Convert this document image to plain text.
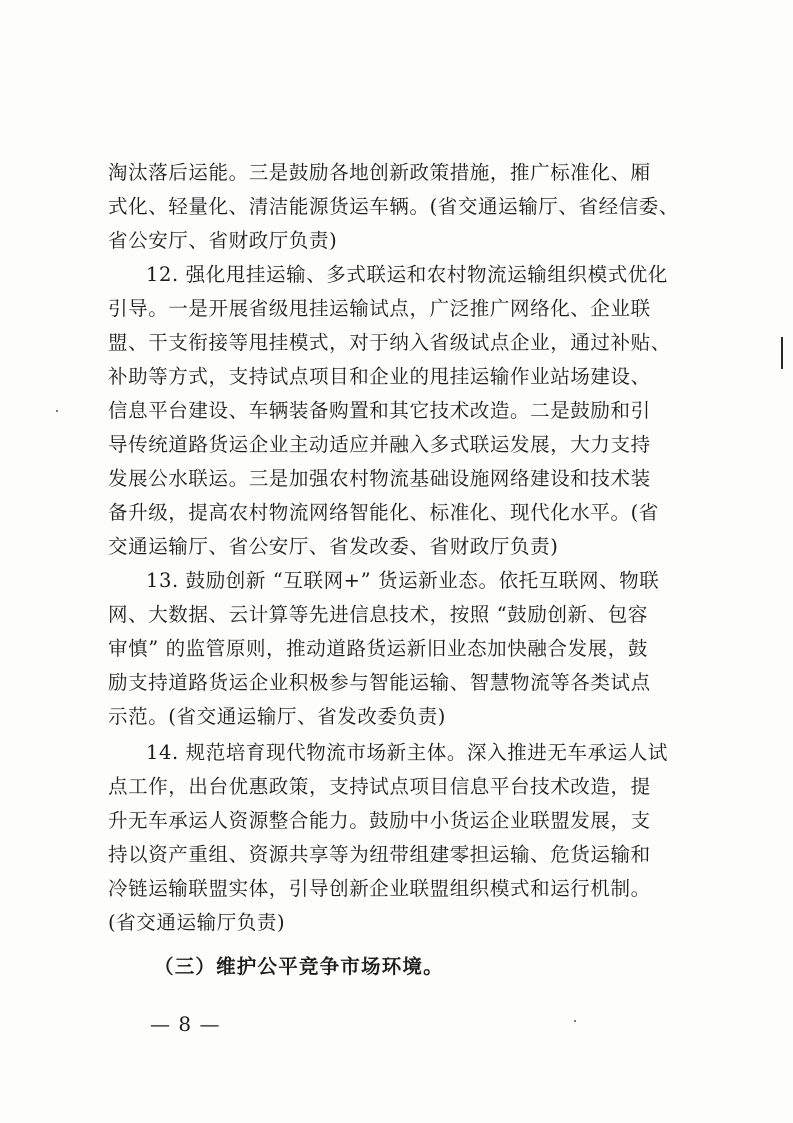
淘汰落后运能。三是鼓励各地创新政策措施，推广标准化、厢
式化、轻量化、清洁能源货运车辆。(省交通运输厅、省经信委、
省公安厅、省财政厅负责)
12. 强化甩挂运输、多式联运和农村物流运输组织模式优化
引导。一是开展省级甩挂运输试点，广泛推广网络化、企业联
盟、干支衔接等甩挂模式，对于纳入省级试点企业，通过补贴、
补助等方式，支持试点项目和企业的甩挂运输作业站场建设、
信息平台建设、车辆装备购置和其它技术改造。二是鼓励和引
导传统道路货运企业主动适应并融入多式联运发展，大力支持
发展公水联运。三是加强农村物流基础设施网络建设和技术装
备升级，提高农村物流网络智能化、标准化、现代化水平。(省
交通运输厅、省公安厅、省发改委、省财政厅负责)
13. 鼓励创新 “互联网+” 货运新业态。依托互联网、物联
网、大数据、云计算等先进信息技术，按照 “鼓励创新、包容
审慎” 的监管原则，推动道路货运新旧业态加快融合发展，鼓
励支持道路货运企业积极参与智能运输、智慧物流等各类试点
示范。(省交通运输厅、省发改委负责)
14. 规范培育现代物流市场新主体。深入推进无车承运人试
点工作，出台优惠政策，支持试点项目信息平台技术改造，提
升无车承运人资源整合能力。鼓励中小货运企业联盟发展，支
持以资产重组、资源共享等为纽带组建零担运输、危货运输和
冷链运输联盟实体，引导创新企业联盟组织模式和运行机制。
(省交通运输厅负责)
（三）维护公平竞争市场环境。
— 8 —
